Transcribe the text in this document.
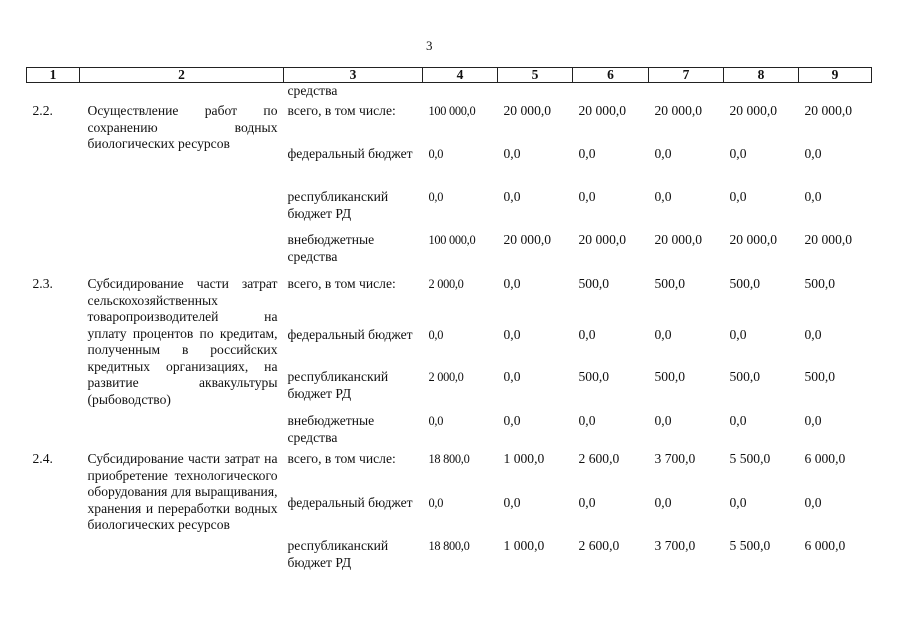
3
1	2	3	4	5	6	7	8	9
		средства						
2.2.	Осуществление работ по сохранению водных биологических ресурсов	всего, в том числе:	100 000,0	20 000,0	20 000,0	20 000,0	20 000,0	20 000,0
		федеральный бюджет	0,0	0,0	0,0	0,0	0,0	0,0
		республиканский бюджет РД	0,0	0,0	0,0	0,0	0,0	0,0
		внебюджетные средства	100 000,0	20 000,0	20 000,0	20 000,0	20 000,0	20 000,0
2.3.	Субсидирование части затрат сельскохозяйственных товаропроизводителей на уплату процентов по кредитам, полученным в российских кредитных организациях, на развитие аквакультуры (рыбоводство)	всего, в том числе:	2 000,0	0,0	500,0	500,0	500,0	500,0
		федеральный бюджет	0,0	0,0	0,0	0,0	0,0	0,0
		республиканский бюджет РД	2 000,0	0,0	500,0	500,0	500,0	500,0
		внебюджетные средства	0,0	0,0	0,0	0,0	0,0	0,0
2.4.	Субсидирование части затрат на приобретение технологического оборудования для выращивания, хранения и переработки водных биологических ресурсов	всего, в том числе:	18 800,0	1 000,0	2 600,0	3 700,0	5 500,0	6 000,0
		федеральный бюджет	0,0	0,0	0,0	0,0	0,0	0,0
		республиканский бюджет РД	18 800,0	1 000,0	2 600,0	3 700,0	5 500,0	6 000,0
